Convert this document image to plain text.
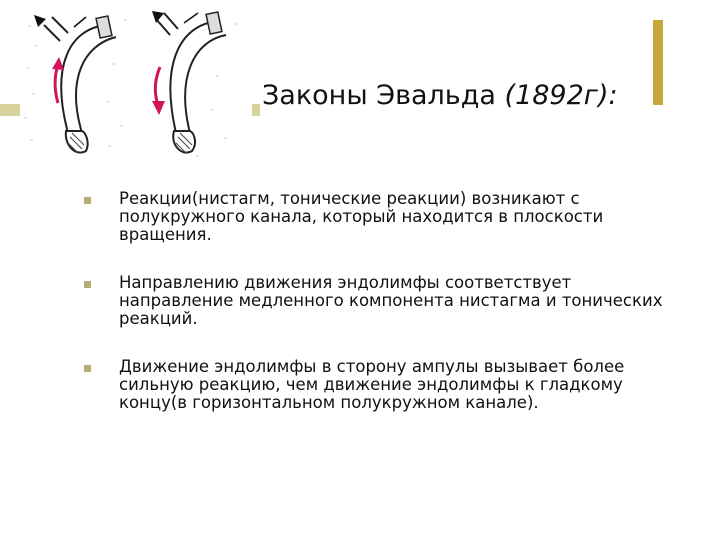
Законы Эвальда (1892г):
Реакции(нистагм, тонические реакции) возникают с полукружного канала, который находится в плоскости вращения.
Направлению движения эндолимфы соответствует направление медленного компонента нистагма и тонических реакций.
Движение эндолимфы в сторону ампулы вызывает более сильную реакцию, чем движение эндолимфы к гладкому концу(в горизонтальном полукружном канале).
